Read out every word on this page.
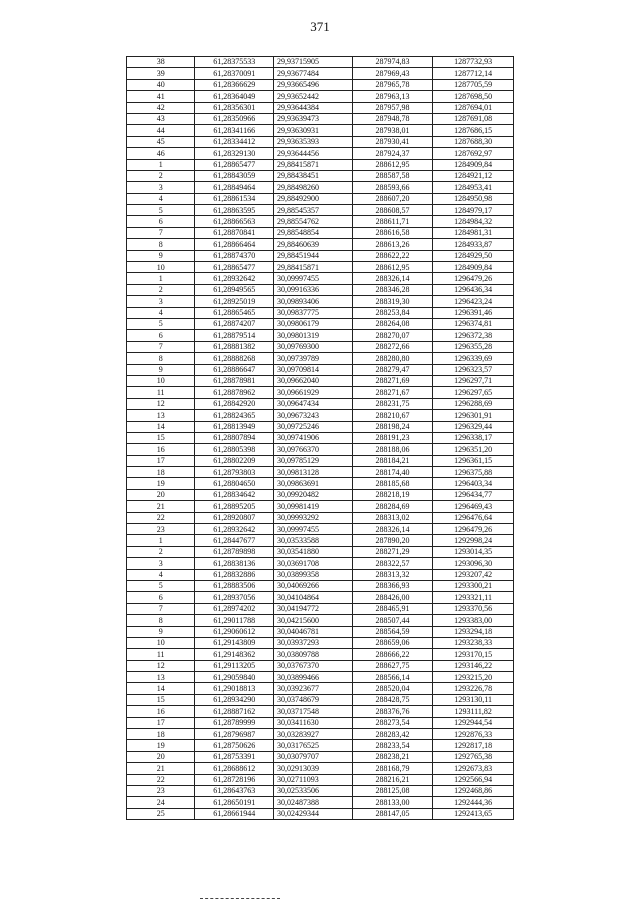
371
38	61,28375533	29,93715905	287974,83	1287732,93
39	61,28370091	29,93677484	287969,43	1287712,14
40	61,28366629	29,93665496	287965,78	1287705,59
41	61,28364049	29,93652442	287963,13	1287698,50
42	61,28356301	29,93644384	287957,98	1287694,01
43	61,28350966	29,93639473	287948,78	1287691,08
44	61,28341166	29,93630931	287938,01	1287686,15
45	61,28334412	29,93635393	287930,41	1287688,30
46	61,28329130	29,93644456	287924,37	1287692,97
1	61,28865477	29,88415871	288612,95	1284909,84
2	61,28843059	29,88438451	288587,58	1284921,12
3	61,28849464	29,88498260	288593,66	1284953,41
4	61,28861534	29,88492900	288607,20	1284950,98
5	61,28863595	29,88545357	288608,57	1284979,17
6	61,28866563	29,88554762	288611,71	1284984,32
7	61,28870841	29,88548854	288616,58	1284981,31
8	61,28866464	29,88460639	288613,26	1284933,87
9	61,28874370	29,88451944	288622,22	1284929,50
10	61,28865477	29,88415871	288612,95	1284909,84
1	61,28932642	30,09997455	288326,14	1296479,26
2	61,28949565	30,09916336	288346,28	1296436,34
3	61,28925019	30,09893406	288319,30	1296423,24
4	61,28865465	30,09837775	288253,84	1296391,46
5	61,28874207	30,09806179	288264,08	1296374,81
6	61,28879514	30,09801319	288270,07	1296372,38
7	61,28881382	30,09769300	288272,66	1296355,28
8	61,28888268	30,09739789	288280,80	1296339,69
9	61,28886647	30,09709814	288279,47	1296323,57
10	61,28878981	30,09662040	288271,69	1296297,71
11	61,28878962	30,09661929	288271,67	1296297,65
12	61,28842920	30,09647434	288231,75	1296288,69
13	61,28824365	30,09673243	288210,67	1296301,91
14	61,28813949	30,09725246	288198,24	1296329,44
15	61,28807894	30,09741906	288191,23	1296338,17
16	61,28805398	30,09766370	288188,06	1296351,20
17	61,28802209	30,09785129	288184,21	1296361,15
18	61,28793803	30,09813128	288174,40	1296375,88
19	61,28804650	30,09863691	288185,68	1296403,34
20	61,28834642	30,09920482	288218,19	1296434,77
21	61,28895205	30,09981419	288284,69	1296469,43
22	61,28920807	30,09993292	288313,02	1296476,64
23	61,28932642	30,09997455	288326,14	1296479,26
1	61,28447677	30,03533588	287890,20	1292998,24
2	61,28789898	30,03541880	288271,29	1293014,35
3	61,28838136	30,03691708	288322,57	1293096,30
4	61,28832886	30,03899358	288313,32	1293207,42
5	61,28883506	30,04069266	288366,93	1293300,21
6	61,28937056	30,04104864	288426,00	1293321,11
7	61,28974202	30,04194772	288465,91	1293370,56
8	61,29011788	30,04215600	288507,44	1293383,00
9	61,29060612	30,04046781	288564,59	1293294,18
10	61,29143809	30,03937293	288659,06	1293238,33
11	61,29148362	30,03809788	288666,22	1293170,15
12	61,29113205	30,03767370	288627,75	1293146,22
13	61,29059840	30,03899466	288566,14	1293215,20
14	61,29018813	30,03923677	288520,04	1293226,78
15	61,28934290	30,03748679	288428,75	1293130,11
16	61,28887162	30,03717548	288376,76	1293111,82
17	61,28789999	30,03411630	288273,54	1292944,54
18	61,28796987	30,03283927	288283,42	1292876,33
19	61,28750626	30,03176525	288233,54	1292817,18
20	61,28753391	30,03079707	288238,21	1292765,38
21	61,28688612	30,02913039	288168,79	1292673,83
22	61,28728196	30,02711093	288216,21	1292566,94
23	61,28643763	30,02533506	288125,08	1292468,86
24	61,28650191	30,02487388	288133,00	1292444,36
25	61,28661944	30,02429344	288147,05	1292413,65
